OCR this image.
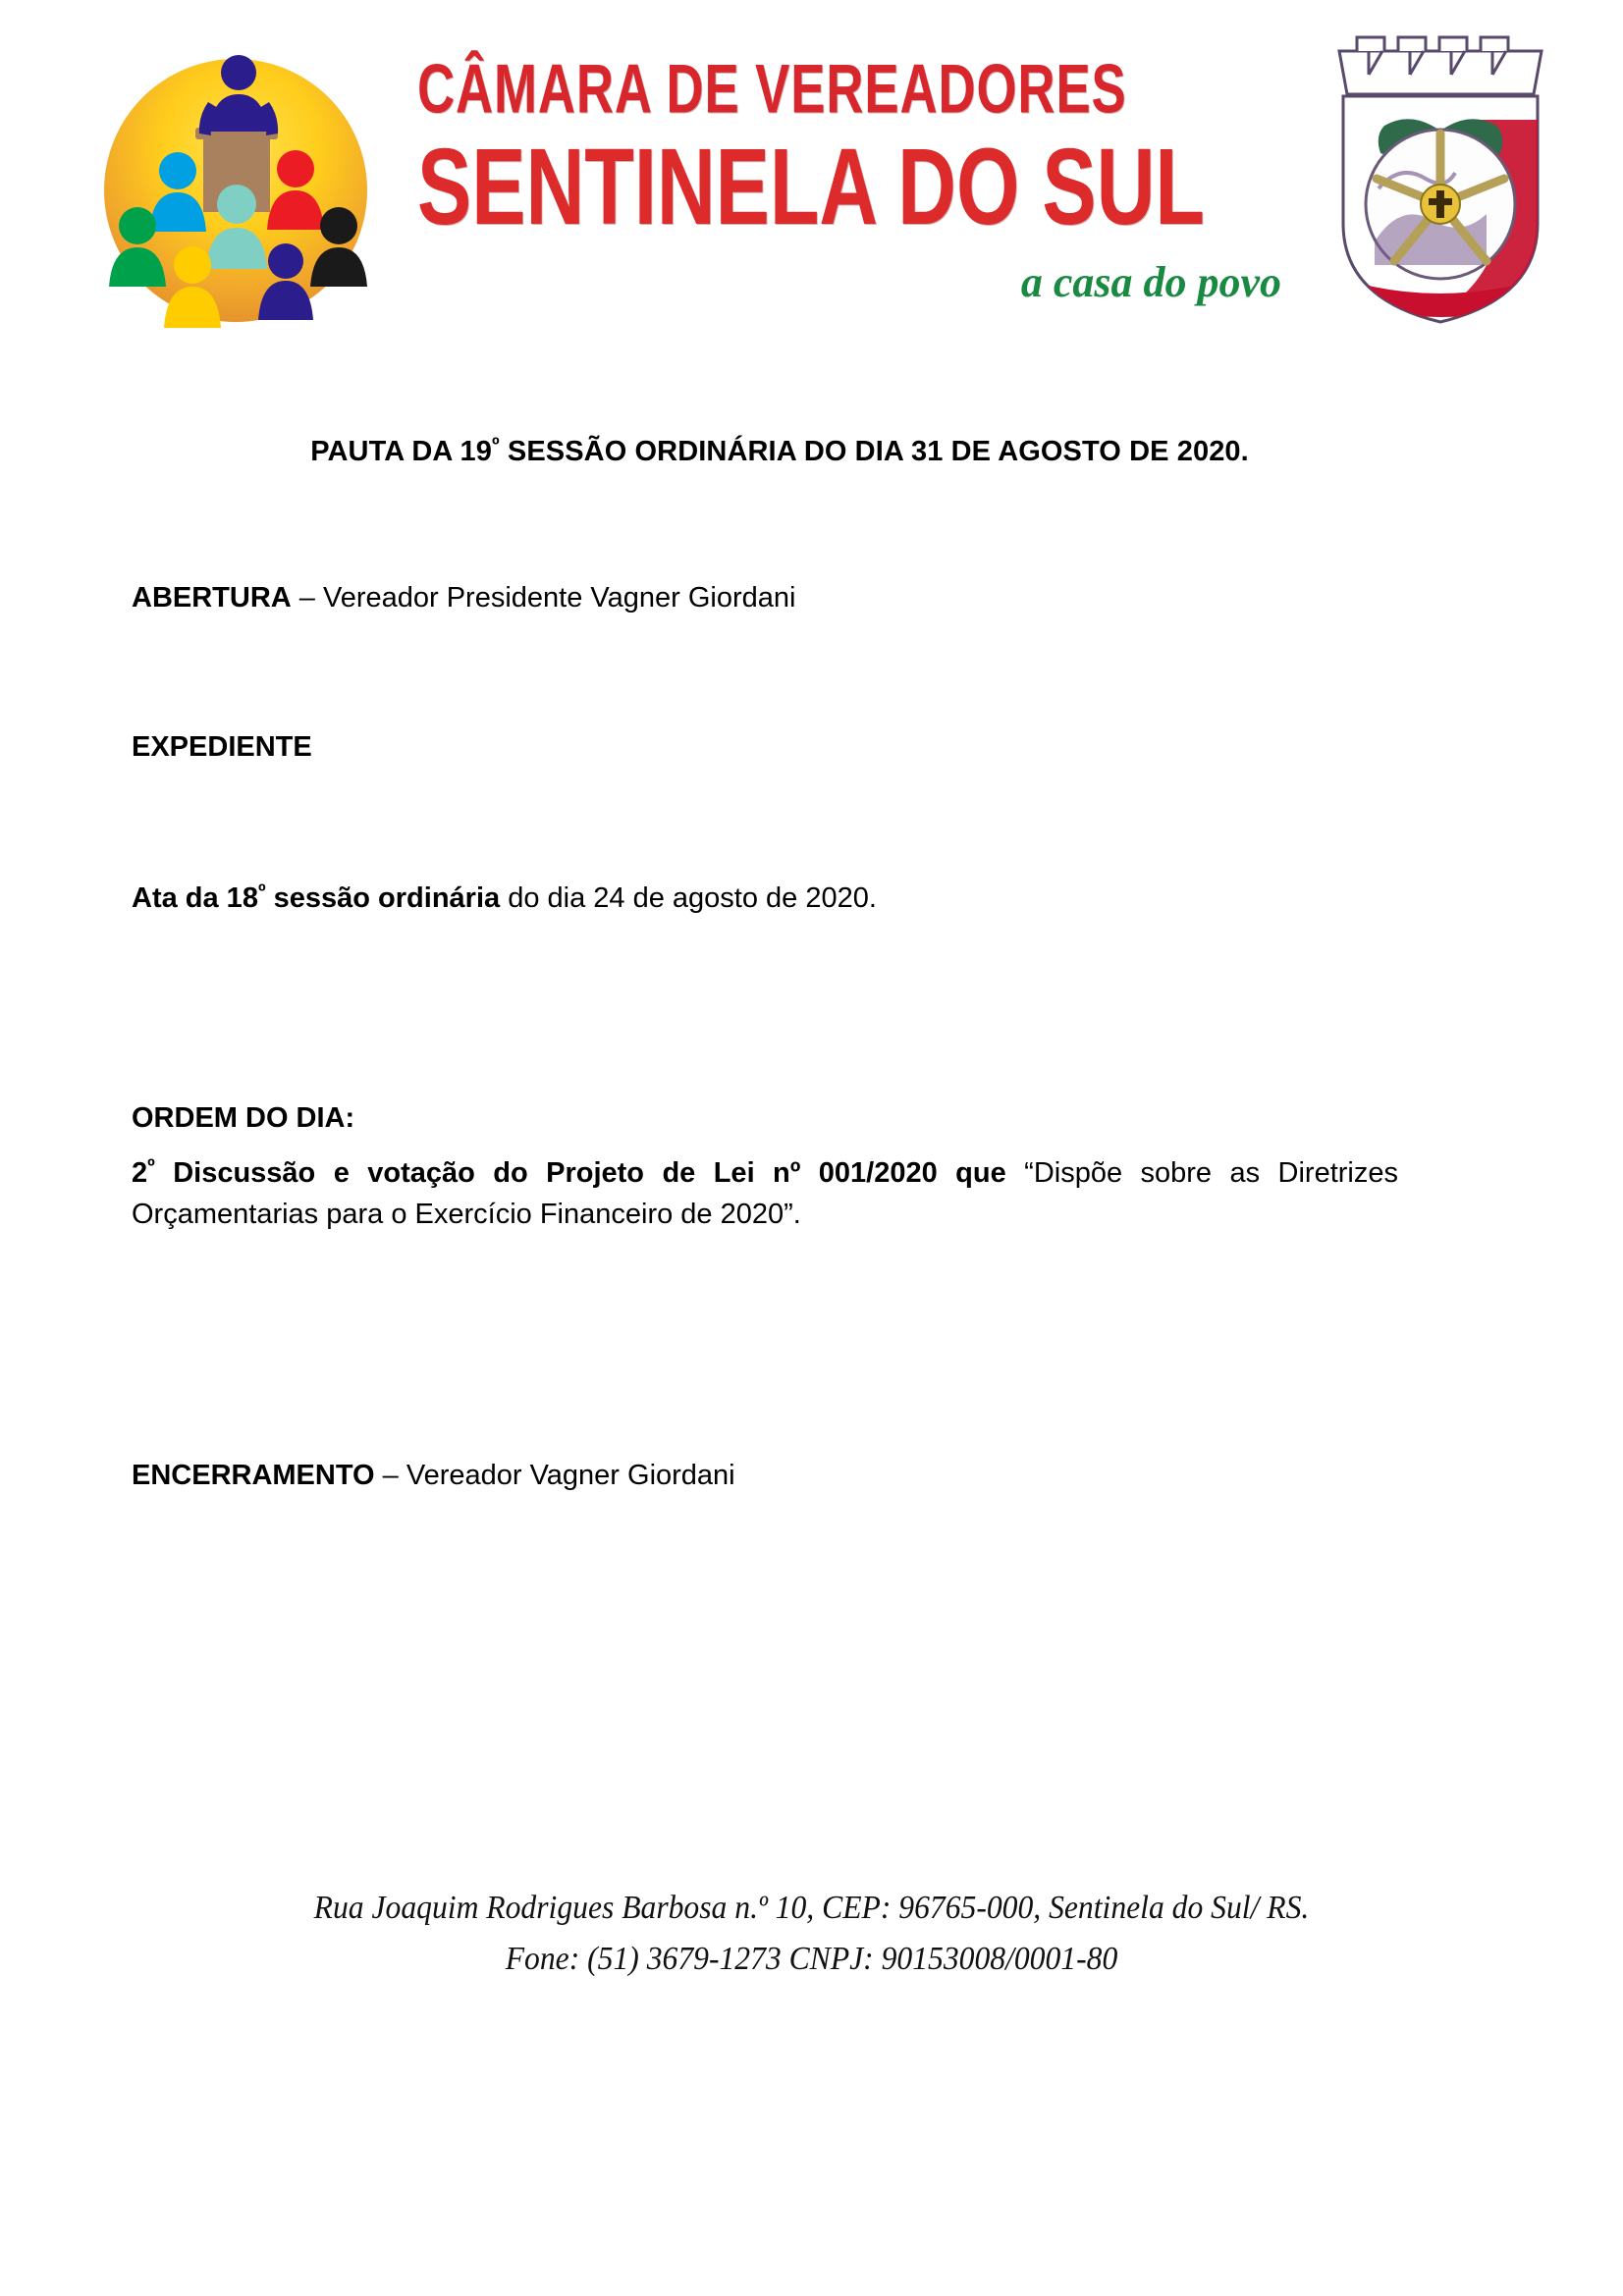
CÂMARA DE VEREADORES
SENTINELA DO SUL
a casa do povo

PAUTA DA $19^º$ SESSÃO ORDINÁRIA DO DIA 31 DE AGOSTO DE 2020.

ABERTURA – Vereador Presidente Vagner Giordani

EXPEDIENTE

Ata da $18^º$ sessão ordinária do dia 24 de agosto de 2020.

ORDEM DO DIA:

$2^º$ Discussão e votação do Projeto de Lei nº 001/2020 que “Dispõe sobre as Diretrizes Orçamentarias para o Exercício Financeiro de 2020”.

ENCERRAMENTO – Vereador Vagner Giordani

Rua Joaquim Rodrigues Barbosa n.º 10, CEP: 96765-000, Sentinela do Sul/ RS.
Fone: (51) 3679-1273 CNPJ: 90153008/0001-80
